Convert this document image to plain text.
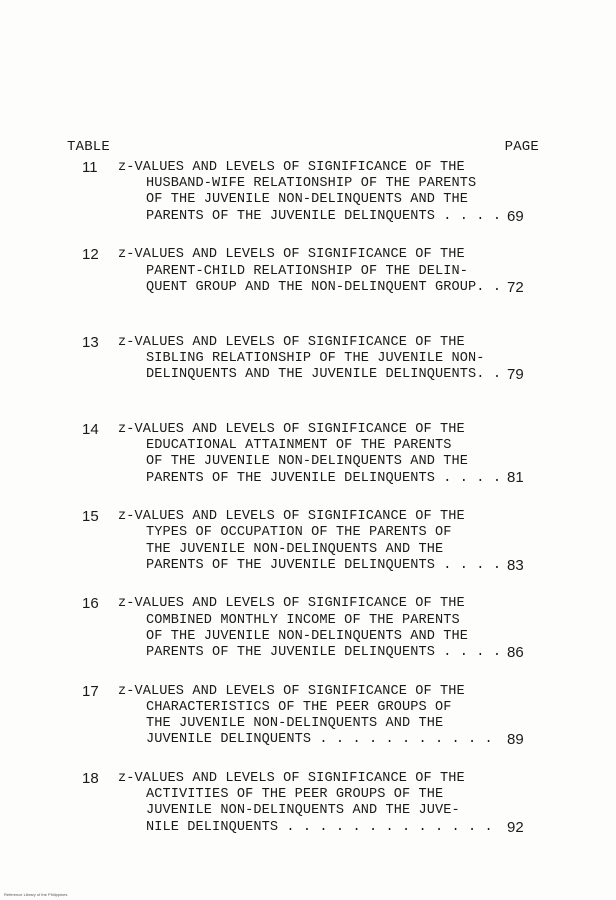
TABLE	PAGE
11	z-VALUES AND LEVELS OF SIGNIFICANCE OF THE
HUSBAND-WIFE RELATIONSHIP OF THE PARENTS
OF THE JUVENILE NON-DELINQUENTS AND THE
PARENTS OF THE JUVENILE DELINQUENTS . . . . 69
12	z-VALUES AND LEVELS OF SIGNIFICANCE OF THE
PARENT-CHILD RELATIONSHIP OF THE DELIN-
QUENT GROUP AND THE NON-DELINQUENT GROUP. . 72
13	z-VALUES AND LEVELS OF SIGNIFICANCE OF THE
SIBLING RELATIONSHIP OF THE JUVENILE NON-
DELINQUENTS AND THE JUVENILE DELINQUENTS. . 79
14	z-VALUES AND LEVELS OF SIGNIFICANCE OF THE
EDUCATIONAL ATTAINMENT OF THE PARENTS
OF THE JUVENILE NON-DELINQUENTS AND THE
PARENTS OF THE JUVENILE DELINQUENTS . . . . 81
15	z-VALUES AND LEVELS OF SIGNIFICANCE OF THE
TYPES OF OCCUPATION OF THE PARENTS OF
THE JUVENILE NON-DELINQUENTS AND THE
PARENTS OF THE JUVENILE DELINQUENTS . . . . 83
16	z-VALUES AND LEVELS OF SIGNIFICANCE OF THE
COMBINED MONTHLY INCOME OF THE PARENTS
OF THE JUVENILE NON-DELINQUENTS AND THE
PARENTS OF THE JUVENILE DELINQUENTS . . . . 86
17	z-VALUES AND LEVELS OF SIGNIFICANCE OF THE
CHARACTERISTICS OF THE PEER GROUPS OF
THE JUVENILE NON-DELINQUENTS AND THE
JUVENILE DELINQUENTS . . . . . . . . . . . 89
18	z-VALUES AND LEVELS OF SIGNIFICANCE OF THE
ACTIVITIES OF THE PEER GROUPS OF THE
JUVENILE NON-DELINQUENTS AND THE JUVE-
NILE DELINQUENTS . . . . . . . . . . . . . 92
Reference Library of the Philippines
